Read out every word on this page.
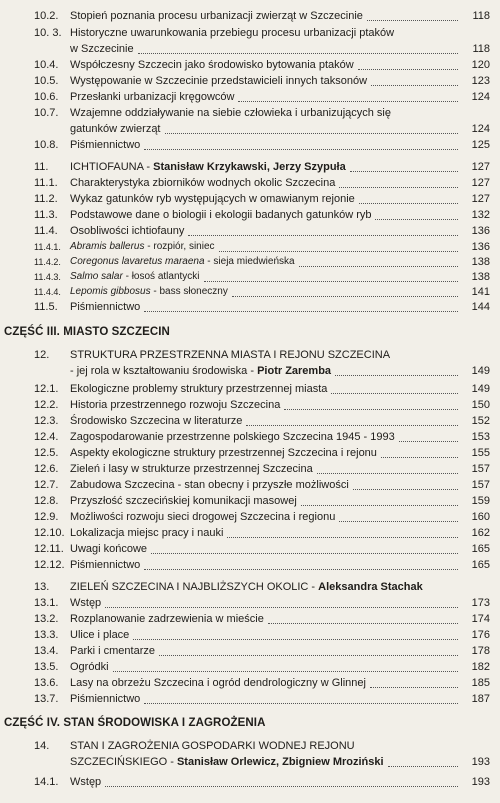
10.2. Stopień poznania procesu urbanizacji zwierząt w Szczecinie	118
10. 3. Historyczne uwarunkowania przebiegu procesu urbanizacji ptaków
w Szczecinie	118
10.4. Współczesny Szczecin jako środowisko bytowania ptaków	120
10.5. Występowanie w Szczecinie przedstawicieli innych taksonów	123
10.6. Przesłanki urbanizacji kręgowców	124
10.7. Wzajemne oddziaływanie na siebie człowieka i urbanizujących się
gatunków zwierząt	124
10.8. Piśmiennictwo	125
11. ICHTIOFAUNA - Stanisław Krzykawski, Jerzy Szypuła	127
11.1. Charakterystyka zbiorników wodnych okolic Szczecina	127
11.2. Wykaz gatunków ryb występujących w omawianym rejonie	127
11.3. Podstawowe dane o biologii i ekologii badanych gatunków ryb	132
11.4. Osobliwości ichtiofauny	136
11.4.1. Abramis ballerus - rozpiór, siniec	136
11.4.2. Coregonus lavaretus maraena - sieja miedwieńska	138
11.4.3. Salmo salar - łosoś atlantycki	138
11.4.4. Lepomis gibbosus - bass słoneczny	141
11.5. Piśmiennictwo	144
CZĘŚĆ III. MIASTO SZCZECIN
12. STRUKTURA PRZESTRZENNA MIASTA I REJONU SZCZECINA
- jej rola w kształtowaniu środowiska - Piotr Zaremba	149
12.1. Ekologiczne problemy struktury przestrzennej miasta	149
12.2. Historia przestrzennego rozwoju Szczecina	150
12.3. Środowisko Szczecina w literaturze	152
12.4. Zagospodarowanie przestrzenne polskiego Szczecina 1945 - 1993	153
12.5. Aspekty ekologiczne struktury przestrzennej Szczecina i rejonu	155
12.6. Zieleń i lasy w strukturze przestrzennej Szczecina	157
12.7. Zabudowa Szczecina - stan obecny i przyszłe możliwości	157
12.8. Przyszłość szczecińskiej komunikacji masowej	159
12.9. Możliwości rozwoju sieci drogowej Szczecina i regionu	160
12.10. Lokalizacja miejsc pracy i nauki	162
12.11. Uwagi końcowe	165
12.12. Piśmiennictwo	165
13. ZIELEŃ SZCZECINA I NAJBLIŻSZYCH OKOLIC - Aleksandra Stachak
13.1. Wstęp	173
13.2. Rozplanowanie zadrzewienia w mieście	174
13.3. Ulice i place	176
13.4. Parki i cmentarze	178
13.5. Ogródki	182
13.6. Lasy na obrzeżu Szczecina i ogród dendrologiczny w Glinnej	185
13.7. Piśmiennictwo	187
CZĘŚĆ IV. STAN ŚRODOWISKA I ZAGROŻENIA
14. STAN I ZAGROŻENIA GOSPODARKI WODNEJ REJONU
SZCZECIŃSKIEGO - Stanisław Orlewicz, Zbigniew Mroziński	193
14.1. Wstęp	193
